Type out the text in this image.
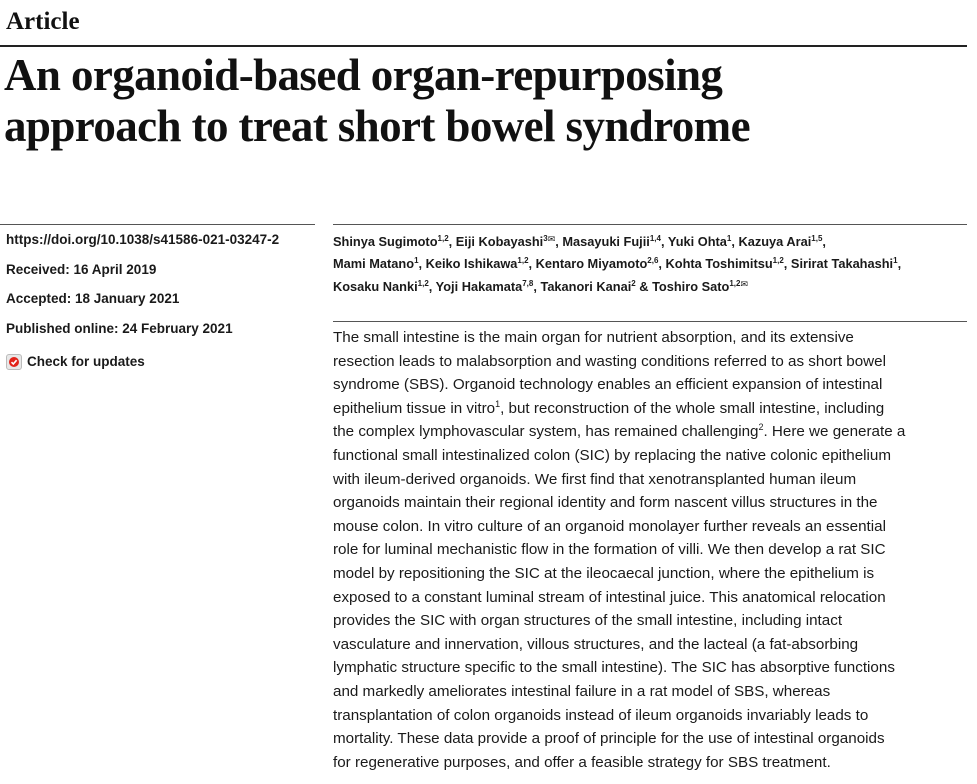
Article
An organoid-based organ-repurposing
approach to treat short bowel syndrome
https://doi.org/10.1038/s41586-021-03247-2
Received: 16 April 2019
Accepted: 18 January 2021
Published online: 24 February 2021
Check for updates
Shinya Sugimoto$^{1,2}$, Eiji Kobayashi$^{3✉}$, Masayuki Fujii$^{1,4}$, Yuki Ohta$^1$, Kazuya Arai$^{1,5}$,
Mami Matano$^1$, Keiko Ishikawa$^{1,2}$, Kentaro Miyamoto$^{2,6}$, Kohta Toshimitsu$^{1,2}$, Sirirat Takahashi$^1$,
Kosaku Nanki$^{1,2}$, Yoji Hakamata$^{7,8}$, Takanori Kanai$^2$ & Toshiro Sato$^{1,2✉}$
The small intestine is the main organ for nutrient absorption, and its extensive
resection leads to malabsorption and wasting conditions referred to as short bowel
syndrome (SBS). Organoid technology enables an efficient expansion of intestinal
epithelium tissue in vitro$^1$, but reconstruction of the whole small intestine, including
the complex lymphovascular system, has remained challenging$^2$. Here we generate a
functional small intestinalized colon (SIC) by replacing the native colonic epithelium
with ileum-derived organoids. We first find that xenotransplanted human ileum
organoids maintain their regional identity and form nascent villus structures in the
mouse colon. In vitro culture of an organoid monolayer further reveals an essential
role for luminal mechanistic flow in the formation of villi. We then develop a rat SIC
model by repositioning the SIC at the ileocaecal junction, where the epithelium is
exposed to a constant luminal stream of intestinal juice. This anatomical relocation
provides the SIC with organ structures of the small intestine, including intact
vasculature and innervation, villous structures, and the lacteal (a fat-absorbing
lymphatic structure specific to the small intestine). The SIC has absorptive functions
and markedly ameliorates intestinal failure in a rat model of SBS, whereas
transplantation of colon organoids instead of ileum organoids invariably leads to
mortality. These data provide a proof of principle for the use of intestinal organoids
for regenerative purposes, and offer a feasible strategy for SBS treatment.
